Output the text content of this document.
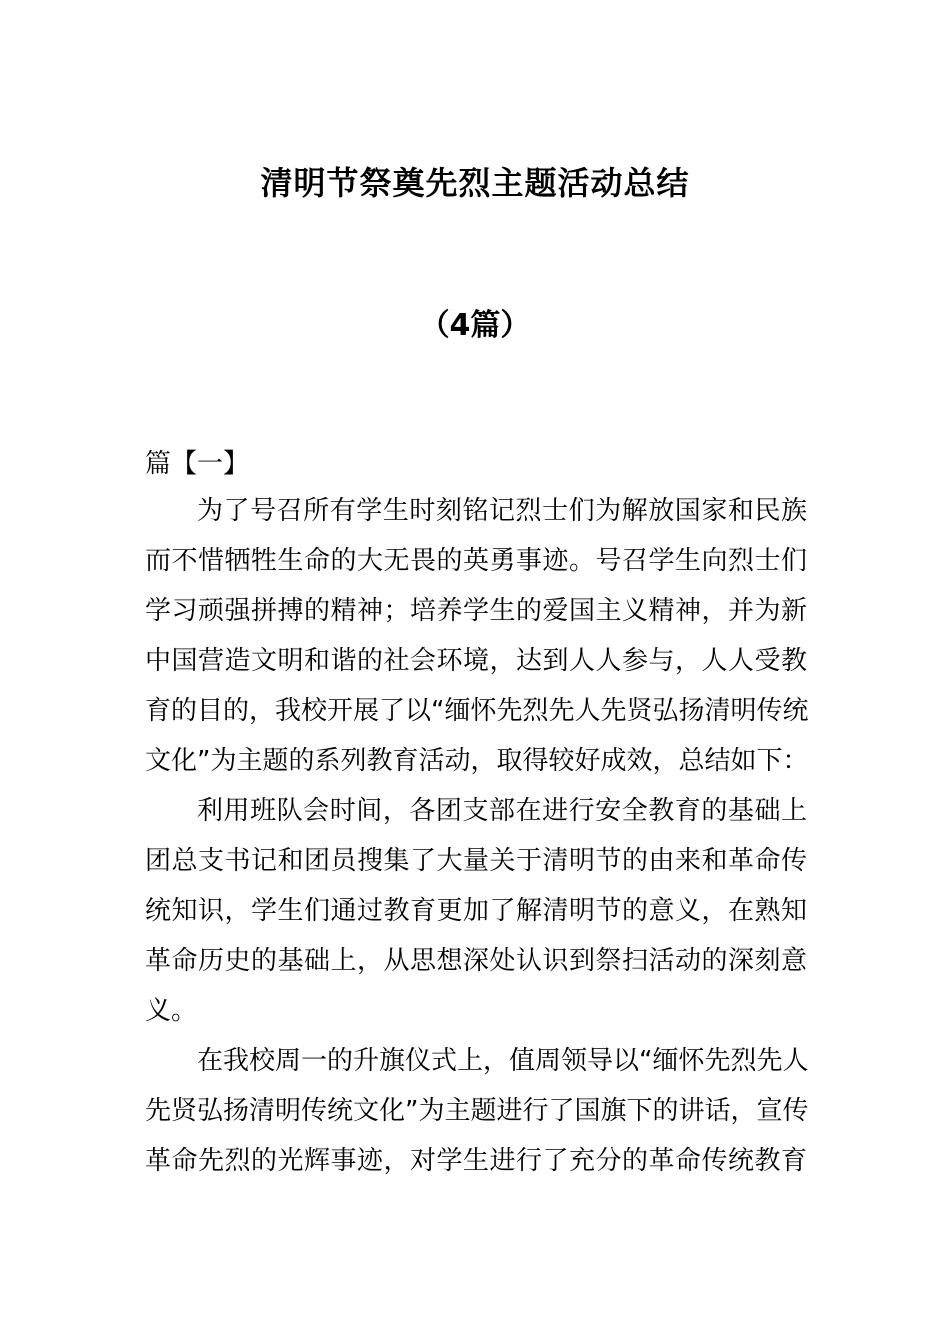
清明节祭奠先烈主题活动总结
（4篇）
篇【一】
为了号召所有学生时刻铭记烈士们为解放国家和民族
而不惜牺牲生命的大无畏的英勇事迹。号召学生向烈士们
学习顽强拼搏的精神；培养学生的爱国主义精神，并为新
中国营造文明和谐的社会环境，达到人人参与，人人受教
育的目的，我校开展了以“缅怀先烈先人先贤弘扬清明传统
文化”为主题的系列教育活动，取得较好成效，总结如下：
利用班队会时间，各团支部在进行安全教育的基础上
团总支书记和团员搜集了大量关于清明节的由来和革命传
统知识，学生们通过教育更加了解清明节的意义，在熟知
革命历史的基础上，从思想深处认识到祭扫活动的深刻意
义。
在我校周一的升旗仪式上，值周领导以“缅怀先烈先人
先贤弘扬清明传统文化”为主题进行了国旗下的讲话，宣传
革命先烈的光辉事迹，对学生进行了充分的革命传统教育
